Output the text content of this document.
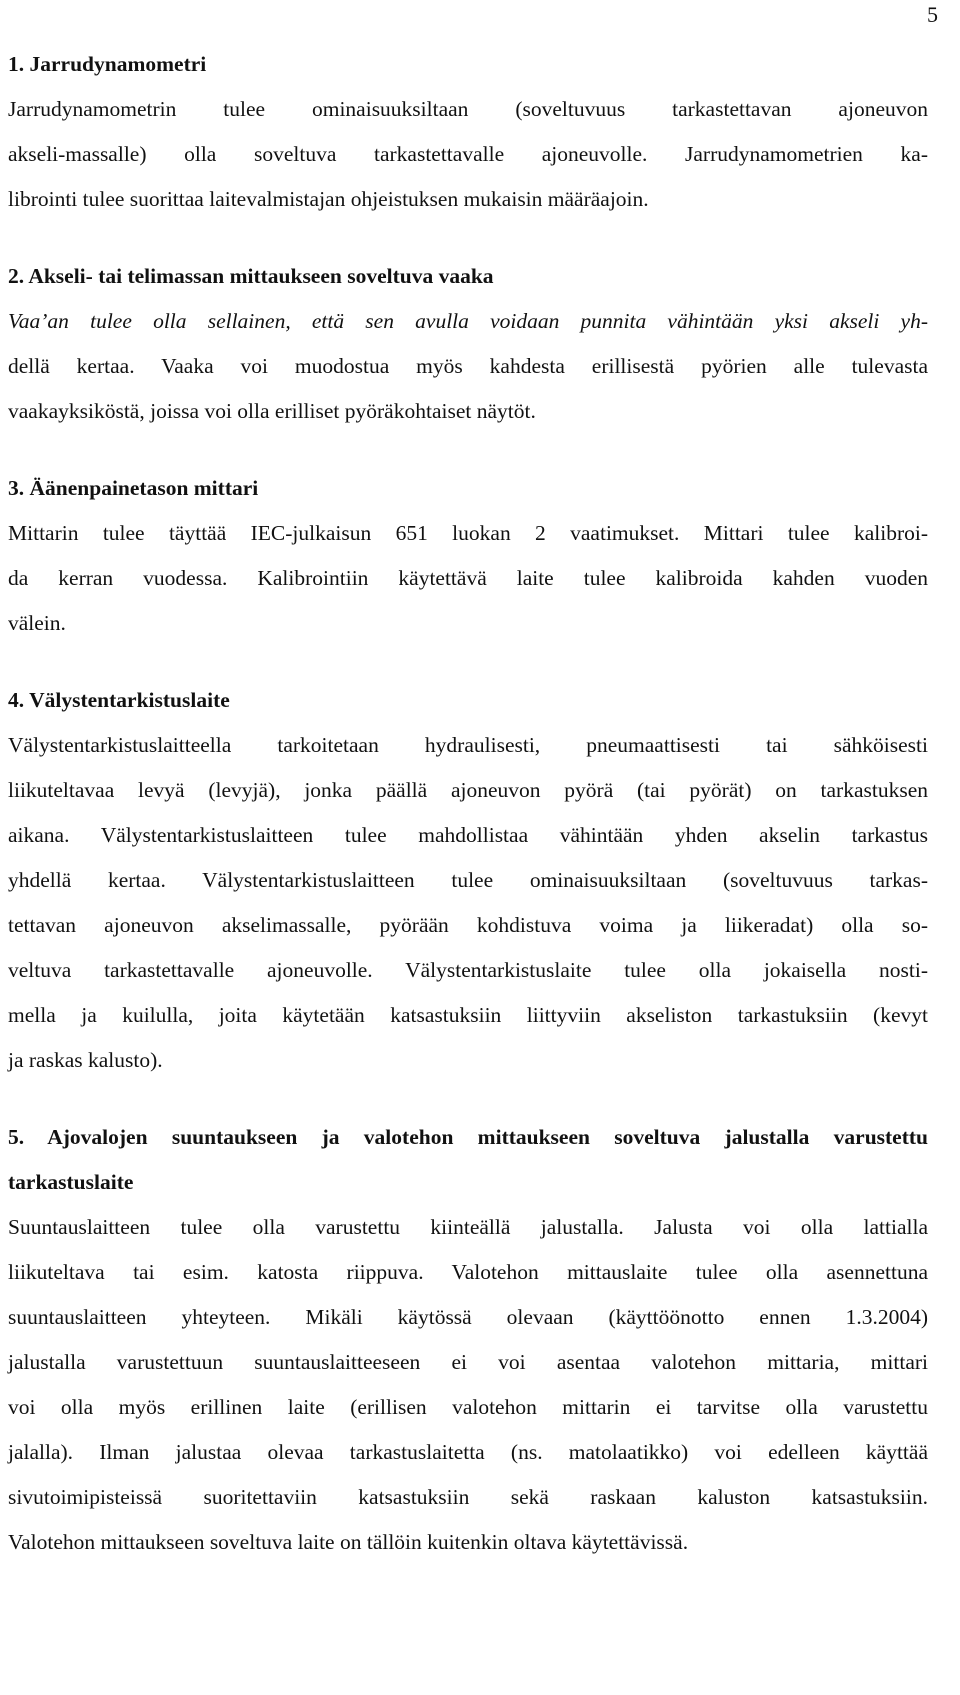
5
1. Jarrudynamometri
Jarrudynamometrin tulee ominaisuuksiltaan (soveltuvuus tarkastettavan ajoneuvon
akseli-massalle) olla soveltuva tarkastettavalle ajoneuvolle. Jarrudynamometrien ka-
librointi tulee suorittaa laitevalmistajan ohjeistuksen mukaisin määräajoin.
2. Akseli- tai telimassan mittaukseen soveltuva vaaka
Vaa’an tulee olla sellainen, että sen avulla voidaan punnita vähintään yksi akseli yh-
dellä kertaa. Vaaka voi muodostua myös kahdesta erillisestä pyörien alle tulevasta
vaakayksiköstä, joissa voi olla erilliset pyöräkohtaiset näytöt.
3. Äänenpainetason mittari
Mittarin tulee täyttää IEC-julkaisun 651 luokan 2 vaatimukset. Mittari tulee kalibroi-
da kerran vuodessa. Kalibrointiin käytettävä laite tulee kalibroida kahden vuoden
välein.
4. Välystentarkistuslaite
Välystentarkistuslaitteella tarkoitetaan hydraulisesti, pneumaattisesti tai sähköisesti
liikuteltavaa levyä (levyjä), jonka päällä ajoneuvon pyörä (tai pyörät) on tarkastuksen
aikana. Välystentarkistuslaitteen tulee mahdollistaa vähintään yhden akselin tarkastus
yhdellä kertaa. Välystentarkistuslaitteen tulee ominaisuuksiltaan (soveltuvuus tarkas-
tettavan ajoneuvon akselimassalle, pyörään kohdistuva voima ja liikeradat) olla so-
veltuva tarkastettavalle ajoneuvolle. Välystentarkistuslaite tulee olla jokaisella nosti-
mella ja kuilulla, joita käytetään katsastuksiin liittyviin akseliston tarkastuksiin (kevyt
ja raskas kalusto).
5. Ajovalojen suuntaukseen ja valotehon mittaukseen soveltuva jalustalla varustettu
tarkastuslaite
Suuntauslaitteen tulee olla varustettu kiinteällä jalustalla. Jalusta voi olla lattialla
liikuteltava tai esim. katosta riippuva. Valotehon mittauslaite tulee olla asennettuna
suuntauslaitteen yhteyteen. Mikäli käytössä olevaan (käyttöönotto ennen 1.3.2004)
jalustalla varustettuun suuntauslaitteeseen ei voi asentaa valotehon mittaria, mittari
voi olla myös erillinen laite (erillisen valotehon mittarin ei tarvitse olla varustettu
jalalla). Ilman jalustaa olevaa tarkastuslaitetta (ns. matolaatikko) voi edelleen käyttää
sivutoimipisteissä suoritettaviin katsastuksiin sekä raskaan kaluston katsastuksiin.
Valotehon mittaukseen soveltuva laite on tällöin kuitenkin oltava käytettävissä.
